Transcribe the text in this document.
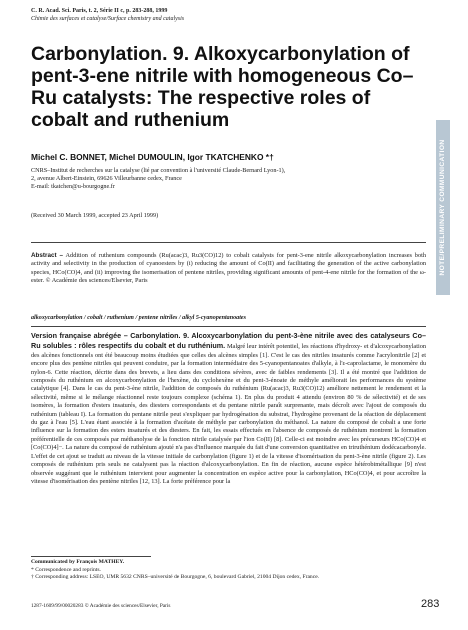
C. R. Acad. Sci. Paris, t. 2, Série II c, p. 283-288, 1999
Chimie des surfaces et catalyse/Surface chemistry and catalysis
Carbonylation. 9. Alkoxycarbonylation of pent-3-ene nitrile with homogeneous Co–Ru catalysts: The respective roles of cobalt and ruthenium
Michel C. BONNET, Michel DUMOULIN, Igor TKATCHENKO *†
CNRS–Institut de recherches sur la catalyse (lié par convention à l'université Claude-Bernard Lyon-1),
2, avenue Albert-Einstein, 69626 Villeurbanne cedex, France
E-mail: tkatchen@u-bourgogne.fr
(Received 30 March 1999, accepted 23 April 1999)
Abstract – Addition of ruthenium compounds (Ru(acac)3, Ru3(CO)12) to cobalt catalysts for pent-3-ene nitrile alkoxycarbonylation increases both activity and selectivity in the production of cyanoesters by (i) reducing the amount of Co(II) and facilitating the generation of the active carbonylation species, HCo(CO)4, and (ii) improving the isomerisation of pentene nitriles, providing significant amounts of pent-4-ene nitrile for the formation of the ω-ester. © Académie des sciences/Elsevier, Paris
alkoxycarbonylation / cobalt / ruthenium / pentene nitriles / alkyl 5-cyanopentanoates
Version française abrégée – Carbonylation. 9. Alcoxycarbonylation du pent-3-ène nitrile avec des catalyseurs Co–Ru solubles : rôles respectifs du cobalt et du ruthénium. Malgré leur intérêt potentiel, les réactions d'hydroxy- et d'alcoxycarbonylation des alcènes fonctionnels ont été beaucoup moins étudiées que celles des alcènes simples [1]. C'est le cas des nitriles insaturés comme l'acrylonitrile [2] et encore plus des pentène nitriles qui peuvent conduire, par la formation intermédiaire des 5-cyanopentanoates d'alkyle, à l'ε-caprolactame, le monomère du nylon-6. Cette réaction, décrite dans des brevets, a lieu dans des conditions sévères, avec de faibles rendements [3]. Il a été montré que l'addition de composés du ruthénium en alcoxycarbonylation de l'hexène, du cyclohexène et du pent-3-énoate de méthyle améliorait les performances du système catalytique [4]. Dans le cas du pent-3-ène nitrile, l'addition de composés du ruthénium (Ru(acac)3, Ru3(CO)12) améliore nettement le rendement et la sélectivité, même si le mélange réactionnel reste toujours complexe (schéma 1). En plus du produit 4 attendu (environ 80 % de sélectivité) et de ses isomères, la formation d'esters insaturés, des diesters correspondants et du pentane nitrile paraît surprenante, mais décroît avec l'ajout de composés du ruthénium (tableau I). La formation du pentane nitrile peut s'expliquer par hydrogénation du substrat, l'hydrogène provenant de la réaction de déplacement du gaz à l'eau [5]. L'eau étant associée à la formation d'acétate de méthyle par carbonylation du méthanol. La nature du composé de cobalt a une forte influence sur la formation des esters insaturés et des diesters. En fait, les essais effectués en l'absence de composés de ruthénium montrent la formation préférentielle de ces composés par méthanolyse de la fonction nitrile catalysée par l'ion Co(II) [8]. Celle-ci est moindre avec les précurseurs HCo(CO)4 et [Co(CO)4]−. La nature du composé de ruthénium ajouté n'a pas d'influence marquée du fait d'une conversion quantitative en triruthénium dodécacarbonyle. L'effet de cet ajout se traduit au niveau de la vitesse initiale de carbonylation (figure 1) et de la vitesse d'isomérisation du pent-3-ène nitrile (figure 2). Les composés de ruthénium pris seuls ne catalysent pas la réaction d'alcoxycarbonylation. En fin de réaction, aucune espèce hétérobimétallique [9] n'est observée suggérant que le ruthénium intervient pour augmenter la concentration en espèce active pour la carbonylation, HCo(CO)4, et pour accroître la vitesse d'isomérisation des pentène nitriles [12, 13]. La forte préférence pour la
Communicated by François MATHEY.
* Correspondence and reprints.
† Corresponding address: LSEO, UMR 5632 CNRS–université de Bourgogne, 6, boulevard Gabriel, 21004 Dijon cedex, France.
1287-1609/99/00020283 © Académie des sciences/Elsevier, Paris	283
NOTE/PRELIMINARY COMMUNICATION
